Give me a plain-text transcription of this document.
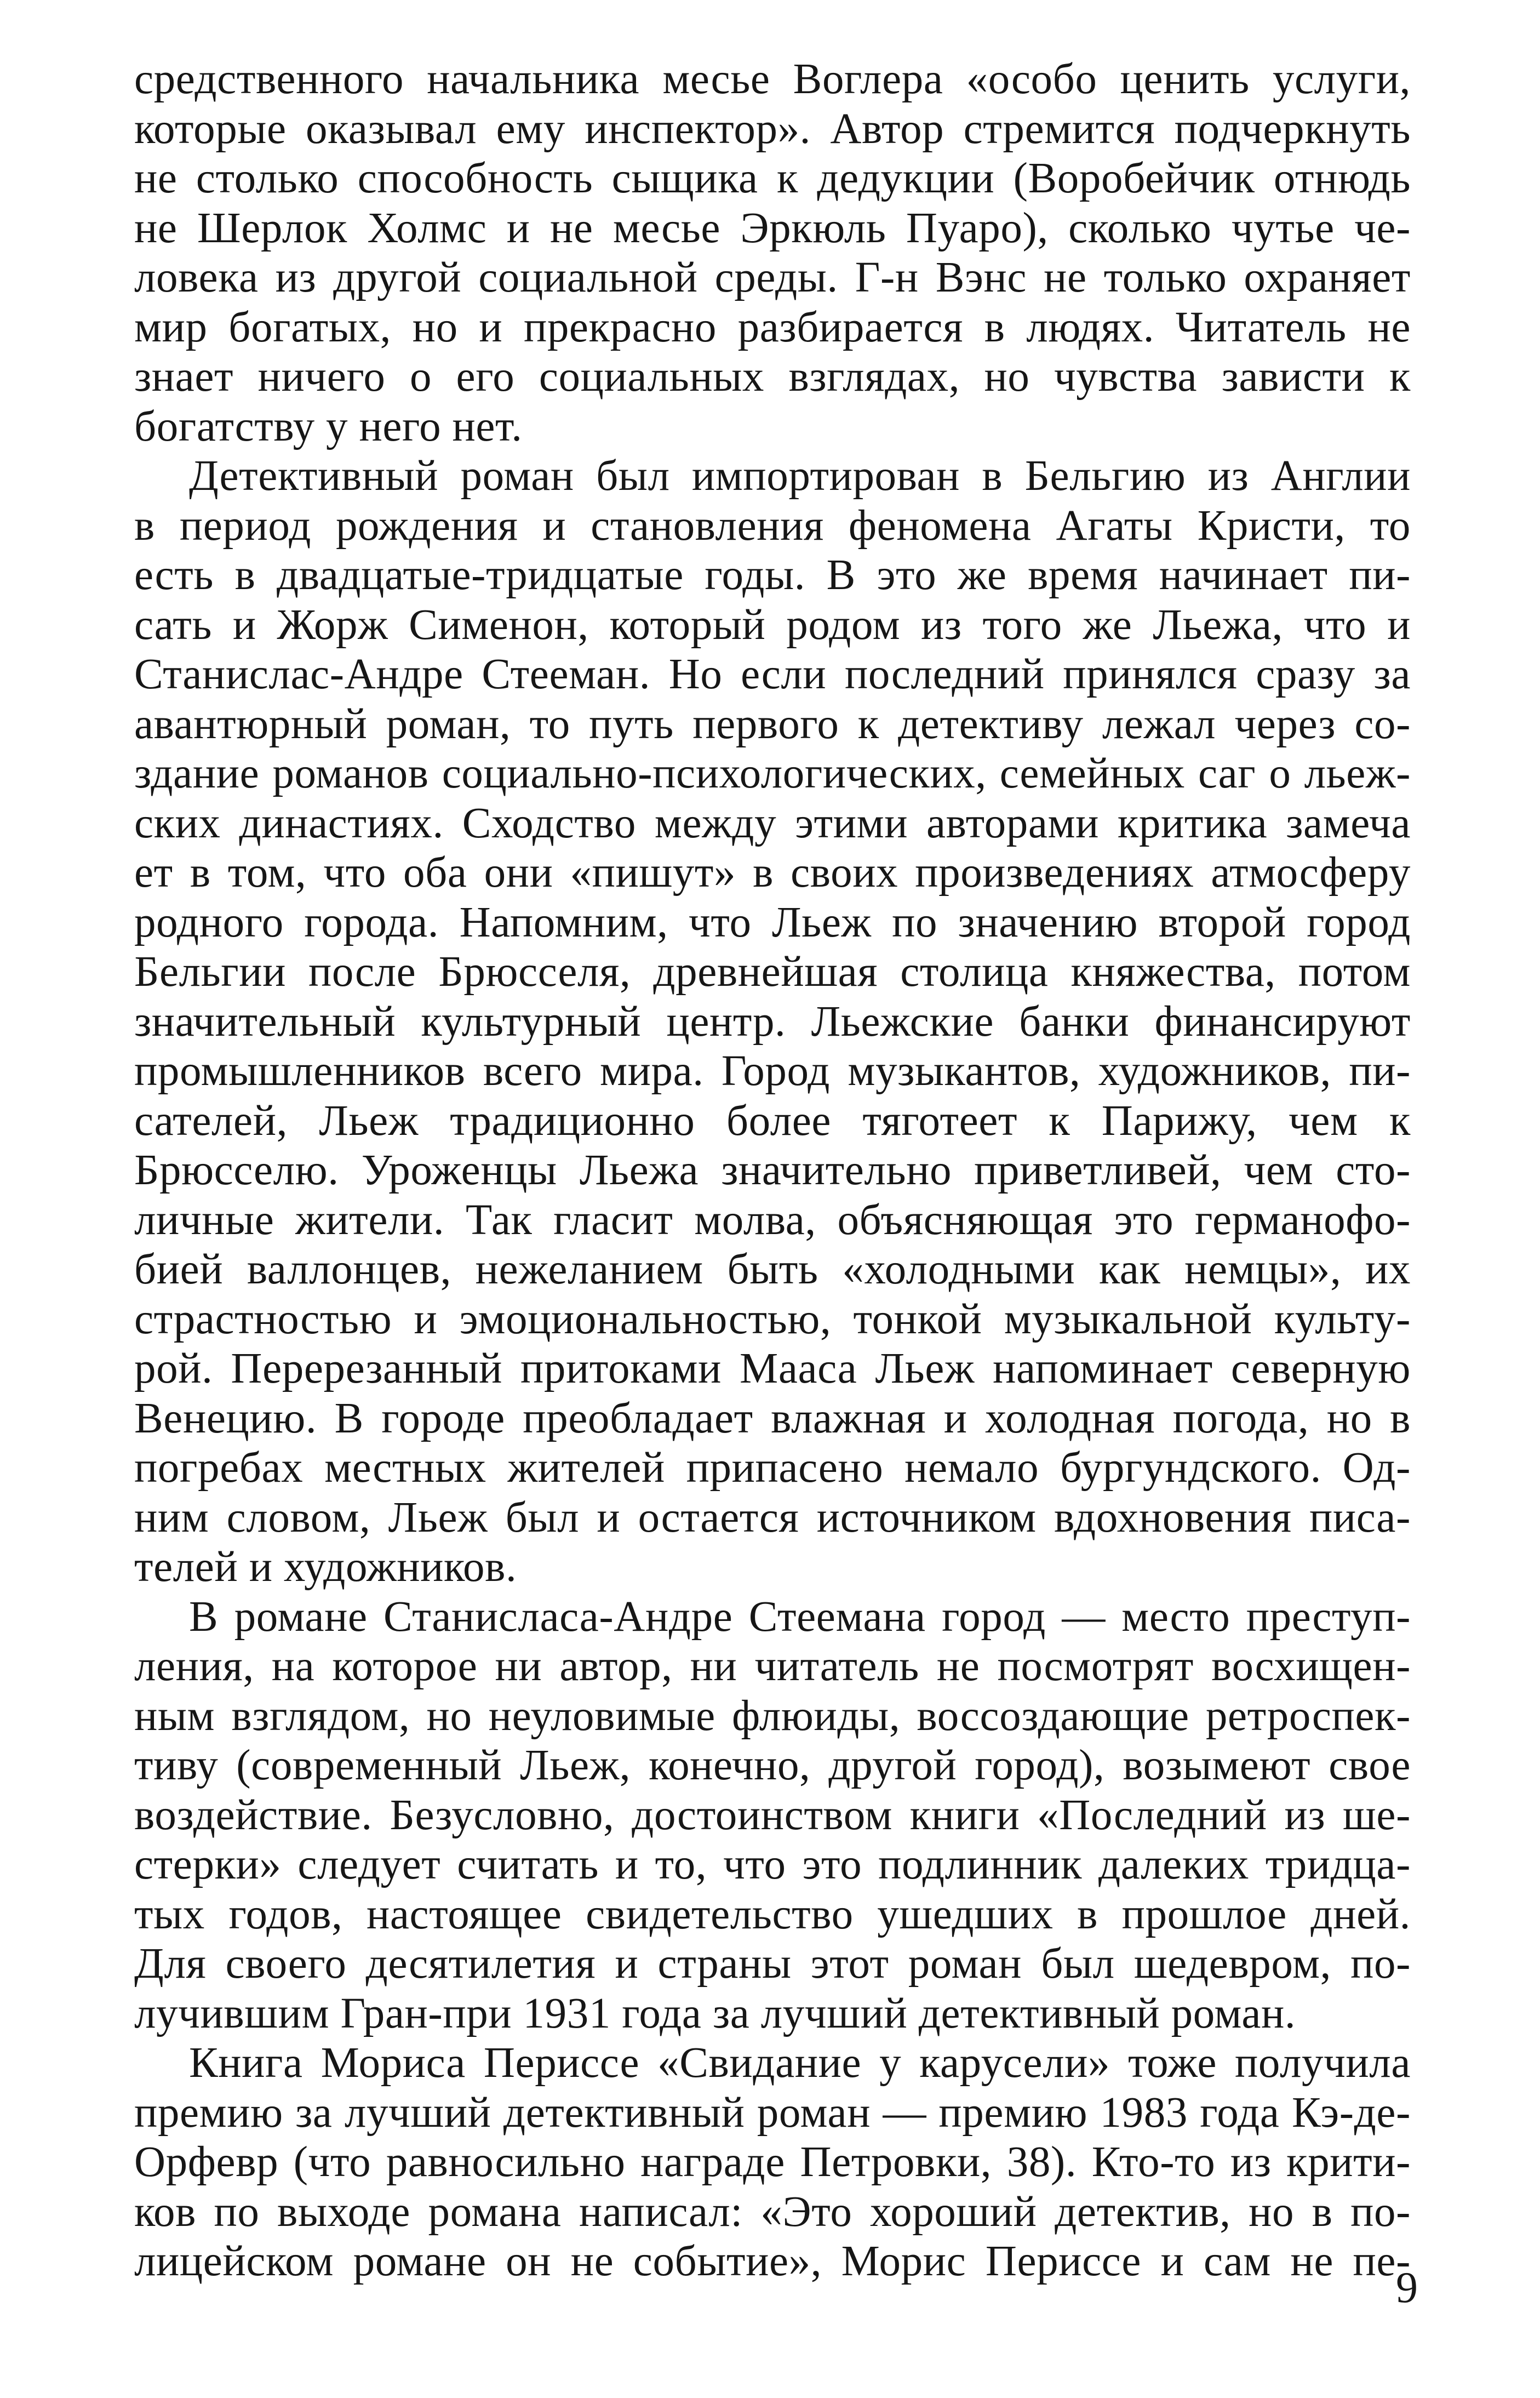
средственного начальника месье Воглера «особо ценить услуги,
которые оказывал ему инспектор». Автор стремится подчеркнуть
не столько способность сыщика к дедукции (Воробейчик отнюдь
не Шерлок Холмс и не месье Эркюль Пуаро), сколько чутье че-
ловека из другой социальной среды. Г-н Вэнс не только охраняет
мир богатых, но и прекрасно разбирается в людях. Читатель не
знает ничего о его социальных взглядах, но чувства зависти к
богатству у него нет.
Детективный роман был импортирован в Бельгию из Англии
в период рождения и становления феномена Агаты Кристи, то
есть в двадцатые-тридцатые годы. В это же время начинает пи-
сать и Жорж Сименон, который родом из того же Льежа, что и
Станислас-Андре Стееман. Но если последний принялся сразу за
авантюрный роман, то путь первого к детективу лежал через со-
здание романов социально-психологических, семейных саг о льеж-
ских династиях. Сходство между этими авторами критика замеча
ет в том, что оба они «пишут» в своих произведениях атмосферу
родного города. Напомним, что Льеж по значению второй город
Бельгии после Брюсселя, древнейшая столица княжества, потом
значительный культурный центр. Льежские банки финансируют
промышленников всего мира. Город музыкантов, художников, пи-
сателей, Льеж традиционно более тяготеет к Парижу, чем к
Брюсселю. Уроженцы Льежа значительно приветливей, чем сто-
личные жители. Так гласит молва, объясняющая это германофо-
бией валлонцев, нежеланием быть «холодными как немцы», их
страстностью и эмоциональностью, тонкой музыкальной культу-
рой. Перерезанный притоками Мааса Льеж напоминает северную
Венецию. В городе преобладает влажная и холодная погода, но в
погребах местных жителей припасено немало бургундского. Од-
ним словом, Льеж был и остается источником вдохновения писа-
телей и художников.
В романе Станисласа-Андре Стеемана город — место преступ-
ления, на которое ни автор, ни читатель не посмотрят восхищен-
ным взглядом, но неуловимые флюиды, воссоздающие ретроспек-
тиву (современный Льеж, конечно, другой город), возымеют свое
воздействие. Безусловно, достоинством книги «Последний из ше-
стерки» следует считать и то, что это подлинник далеких тридца-
тых годов, настоящее свидетельство ушедших в прошлое дней.
Для своего десятилетия и страны этот роман был шедевром, по-
лучившим Гран-при 1931 года за лучший детективный роман.
Книга Мориса Периссе «Свидание у карусели» тоже получила
премию за лучший детективный роман — премию 1983 года Кэ-де-
Орфевр (что равносильно награде Петровки, 38). Кто-то из крити-
ков по выходе романа написал: «Это хороший детектив, но в по-
лицейском романе он не событие», Морис Периссе и сам не пе-
9
